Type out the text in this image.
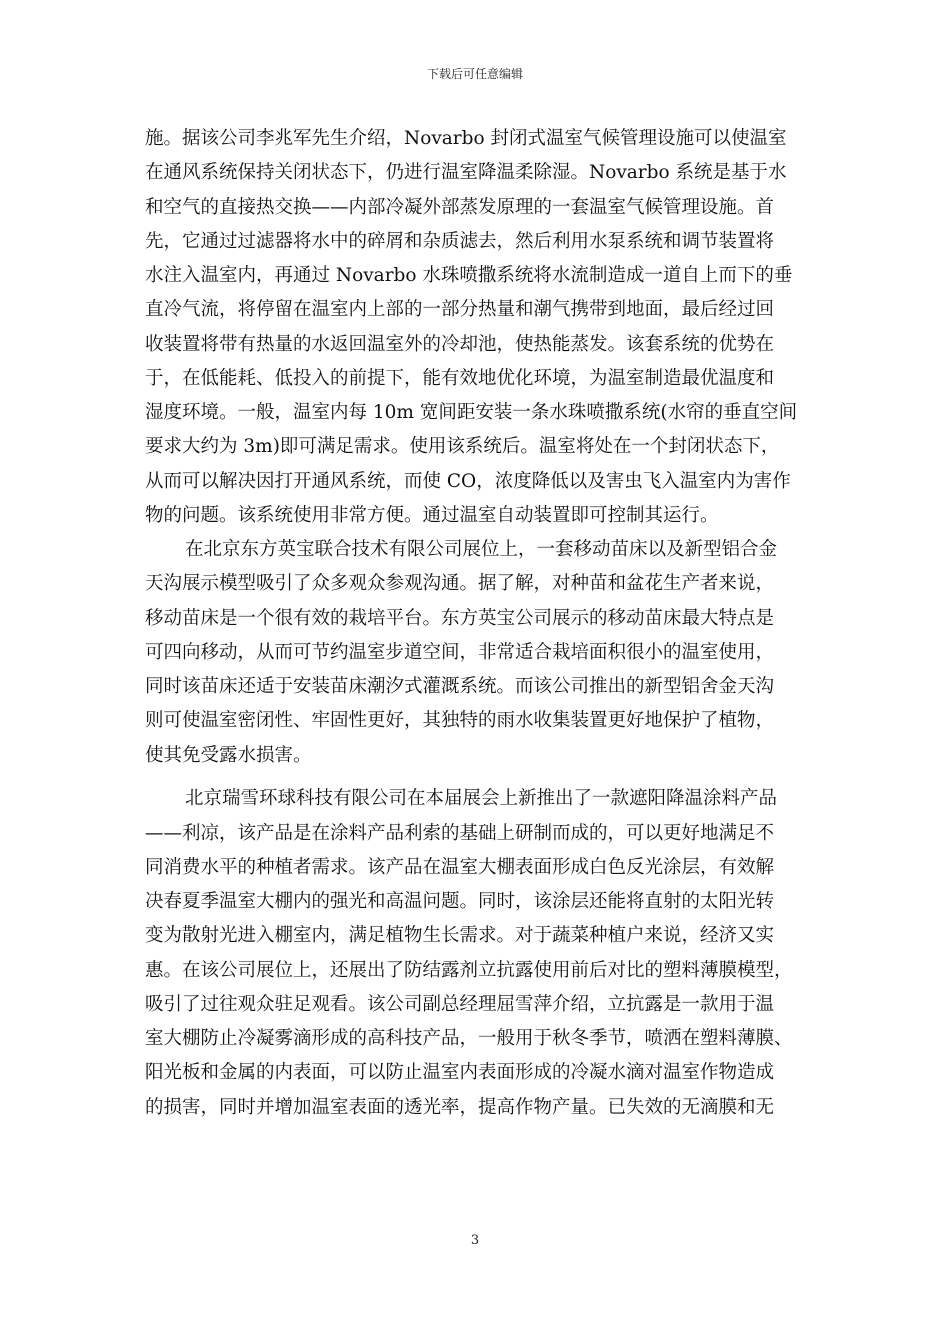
下载后可任意编辑
施。据该公司李兆军先生介绍，Novarbo 封闭式温室气候管理设施可以使温室
在通风系统保持关闭状态下，仍进行温室降温柔除湿。Novarbo 系统是基于水
和空气的直接热交换——内部冷凝外部蒸发原理的一套温室气候管理设施。首
先，它通过过滤器将水中的碎屑和杂质滤去，然后利用水泵系统和调节装置将
水注入温室内，再通过 Novarbo 水珠喷撒系统将水流制造成一道自上而下的垂
直冷气流，将停留在温室内上部的一部分热量和潮气携带到地面，最后经过回
收装置将带有热量的水返回温室外的冷却池，使热能蒸发。该套系统的优势在
于，在低能耗、低投入的前提下，能有效地优化环境，为温室制造最优温度和
湿度环境。一般，温室内每 10m 宽间距安装一条水珠喷撒系统(水帘的垂直空间
要求大约为 3m)即可满足需求。使用该系统后。温室将处在一个封闭状态下，
从而可以解决因打开通风系统，而使 CO，浓度降低以及害虫飞入温室内为害作
物的问题。该系统使用非常方便。通过温室自动装置即可控制其运行。
在北京东方英宝联合技术有限公司展位上，一套移动苗床以及新型铝合金
天沟展示模型吸引了众多观众参观沟通。据了解，对种苗和盆花生产者来说，
移动苗床是一个很有效的栽培平台。东方英宝公司展示的移动苗床最大特点是
可四向移动，从而可节约温室步道空间，非常适合栽培面积很小的温室使用，
同时该苗床还适于安装苗床潮汐式灌溉系统。而该公司推出的新型铝舍金天沟
则可使温室密闭性、牢固性更好，其独特的雨水收集装置更好地保护了植物，
使其免受露水损害。
北京瑞雪环球科技有限公司在本届展会上新推出了一款遮阳降温涂料产品
——利凉，该产品是在涂料产品利索的基础上研制而成的，可以更好地满足不
同消费水平的种植者需求。该产品在温室大棚表面形成白色反光涂层，有效解
决春夏季温室大棚内的强光和高温问题。同时，该涂层还能将直射的太阳光转
变为散射光进入棚室内，满足植物生长需求。对于蔬菜种植户来说，经济又实
惠。在该公司展位上，还展出了防结露剂立抗露使用前后对比的塑料薄膜模型，
吸引了过往观众驻足观看。该公司副总经理屈雪萍介绍，立抗露是一款用于温
室大棚防止冷凝雾滴形成的高科技产品，一般用于秋冬季节，喷洒在塑料薄膜、
阳光板和金属的内表面，可以防止温室内表面形成的冷凝水滴对温室作物造成
的损害，同时并增加温室表面的透光率，提高作物产量。已失效的无滴膜和无
3
